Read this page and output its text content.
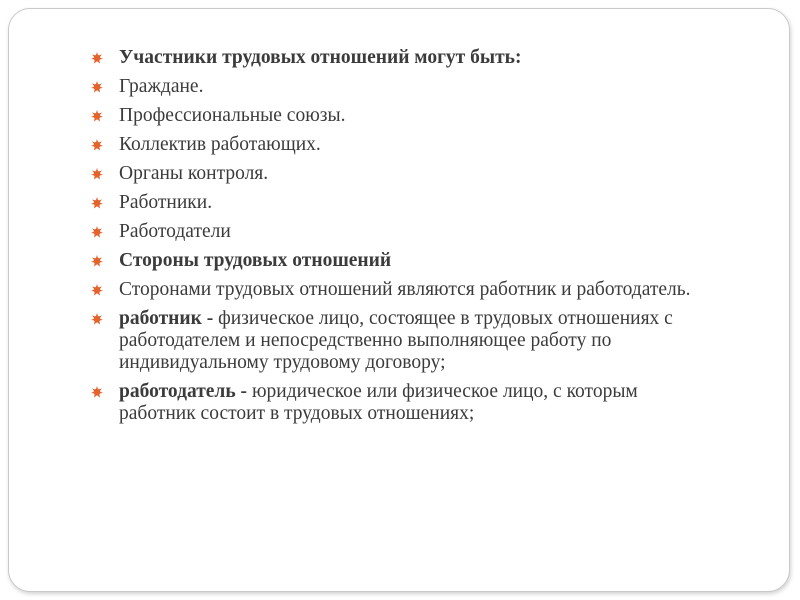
Участники трудовых отношений могут быть:
Граждане.
Профессиональные союзы.
Коллектив работающих.
Органы контроля.
Работники.
Работодатели
Стороны трудовых отношений
Сторонами трудовых отношений являются работник и работодатель.
работник - физическое лицо, состоящее в трудовых отношениях с работодателем и непосредственно выполняющее работу по индивидуальному трудовому договору;
работодатель - юридическое или физическое лицо, с которым работник состоит в трудовых отношениях;
